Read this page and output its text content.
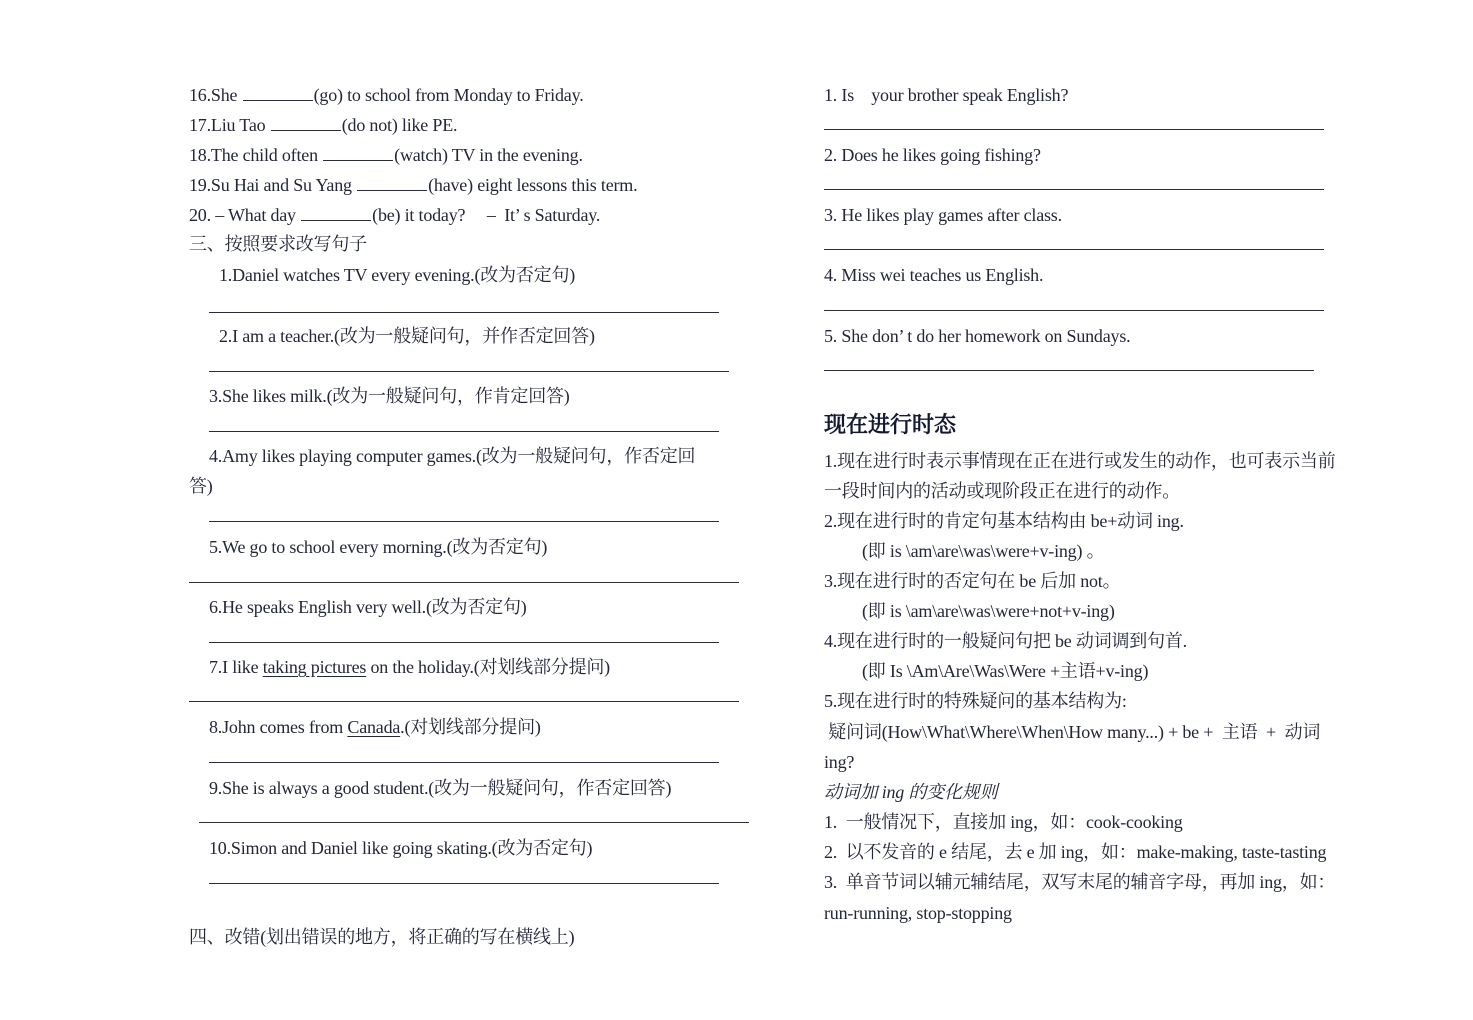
16.She	(go) to school from Monday to Friday.
17.Liu Tao	(do not) like PE.
18.The child often	(watch) TV in the evening.
19.Su Hai and Su Yang	(have) eight lessons this term.
20. – What day	(be) it today?     –  It’ s Saturday.
三、按照要求改写句子
1.Daniel watches TV every evening.(改为否定句)
2.I am a teacher.(改为一般疑问句，并作否定回答)
3.She likes milk.(改为一般疑问句，作肯定回答)
4.Amy likes playing computer games.(改为一般疑问句，作否定回
答)
5.We go to school every morning.(改为否定句)
6.He speaks English very well.(改为否定句)
7.I like taking pictures on the holiday.(对划线部分提问)
8.John comes from Canada.(对划线部分提问)
9.She is always a good student.(改为一般疑问句，作否定回答)
10.Simon and Daniel like going skating.(改为否定句)
四、改错(划出错误的地方，将正确的写在横线上)
1. Is    your brother speak English?
2. Does he likes going fishing?
3. He likes play games after class.
4. Miss wei teaches us English.
5. She don’ t do her homework on Sundays.
现在进行时态
1.现在进行时表示事情现在正在进行或发生的动作，也可表示当前
一段时间内的活动或现阶段正在进行的动作。
2.现在进行时的肯定句基本结构由 be+动词 ing.
(即 is \am\are\was\were+v-ing) 。
3.现在进行时的否定句在 be 后加 not。
(即 is \am\are\was\were+not+v-ing)
4.现在进行时的一般疑问句把 be 动词调到句首.
(即 Is \Am\Are\Was\Were +主语+v-ing)
5.现在进行时的特殊疑问的基本结构为:
疑问词(How\What\Where\When\How many...) + be +  主语  +  动词
ing?
动词加 ing 的变化规则
1.  一般情况下，直接加 ing，如：cook-cooking
2.  以不发音的 e 结尾，去 e 加 ing，如：make-making, taste-tasting
3.  单音节词以辅元辅结尾，双写末尾的辅音字母，再加 ing，如：
run-running, stop-stopping
